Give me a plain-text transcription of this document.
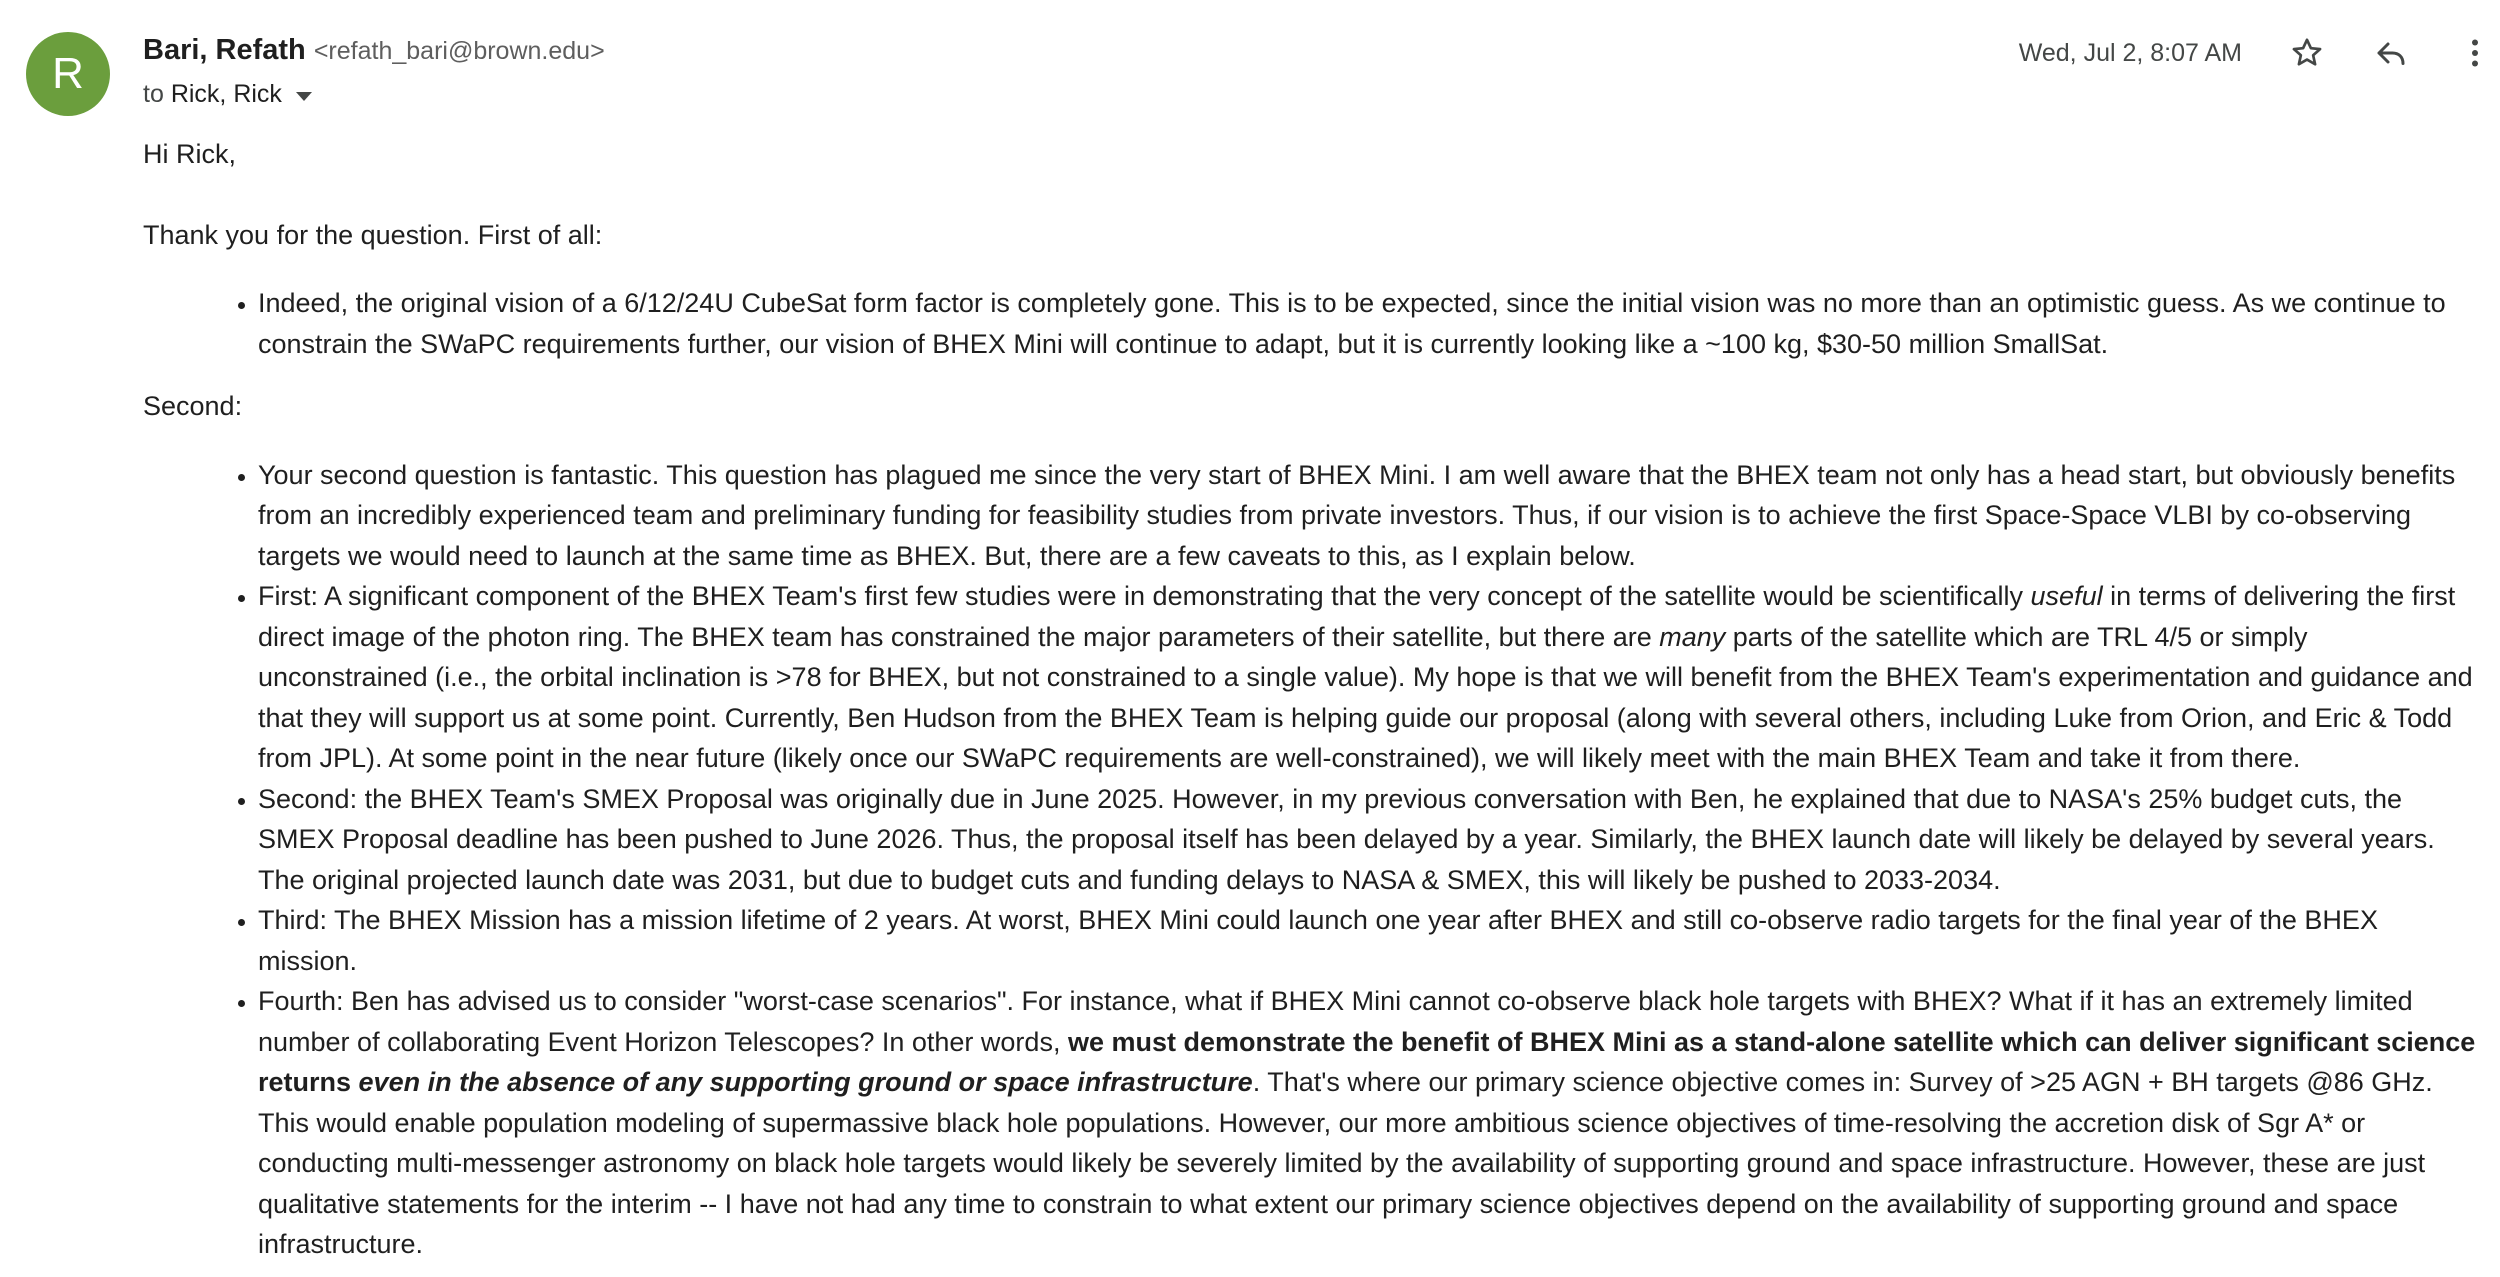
R Bari, Refath <refath_bari@brown.edu>
to
Rick, Rick
Wed, Jul 2, 8:07 AM

Hi Rick,

Thank you for the question. First of all:

• Indeed, the original vision of a 6/12/24U CubeSat form factor is completely gone. This is to be expected, since the initial vision was no more than an optimistic guess. As we continue to constrain the SWaPC requirements further, our vision of BHEX Mini will continue to adapt, but it is currently looking like a ~100 kg, $30-50 million SmallSat.

Second:

• Your second question is fantastic. This question has plagued me since the very start of BHEX Mini. I am well aware that the BHEX team not only has a head start, but obviously benefits from an incredibly experienced team and preliminary funding for feasibility studies from private investors. Thus, if our vision is to achieve the first Space-Space VLBI by co-observing targets we would need to launch at the same time as BHEX. But, there are a few caveats to this, as I explain below.
• First: A significant component of the BHEX Team's first few studies were in demonstrating that the very concept of the satellite would be scientifically useful in terms of delivering the first direct image of the photon ring. The BHEX team has constrained the major parameters of their satellite, but there are many parts of the satellite which are TRL 4/5 or simply unconstrained (i.e., the orbital inclination is >78 for BHEX, but not constrained to a single value). My hope is that we will benefit from the BHEX Team's experimentation and guidance and that they will support us at some point. Currently, Ben Hudson from the BHEX Team is helping guide our proposal (along with several others, including Luke from Orion, and Eric & Todd from JPL). At some point in the near future (likely once our SWaPC requirements are well-constrained), we will likely meet with the main BHEX Team and take it from there.
• Second: the BHEX Team's SMEX Proposal was originally due in June 2025. However, in my previous conversation with Ben, he explained that due to NASA's 25% budget cuts, the SMEX Proposal deadline has been pushed to June 2026. Thus, the proposal itself has been delayed by a year. Similarly, the BHEX launch date will likely be delayed by several years. The original projected launch date was 2031, but due to budget cuts and funding delays to NASA & SMEX, this will likely be pushed to 2033-2034.
• Third: The BHEX Mission has a mission lifetime of 2 years. At worst, BHEX Mini could launch one year after BHEX and still co-observe radio targets for the final year of the BHEX mission.
• Fourth: Ben has advised us to consider "worst-case scenarios". For instance, what if BHEX Mini cannot co-observe black hole targets with BHEX? What if it has an extremely limited number of collaborating Event Horizon Telescopes? In other words, we must demonstrate the benefit of BHEX Mini as a stand-alone satellite which can deliver significant science returns even in the absence of any supporting ground or space infrastructure. That's where our primary science objective comes in: Survey of >25 AGN + BH targets @86 GHz. This would enable population modeling of supermassive black hole populations. However, our more ambitious science objectives of time-resolving the accretion disk of Sgr A* or conducting multi-messenger astronomy on black hole targets would likely be severely limited by the availability of supporting ground and space infrastructure. However, these are just qualitative statements for the interim -- I have not had any time to constrain to what extent our primary science objectives depend on the availability of supporting ground and space infrastructure.
